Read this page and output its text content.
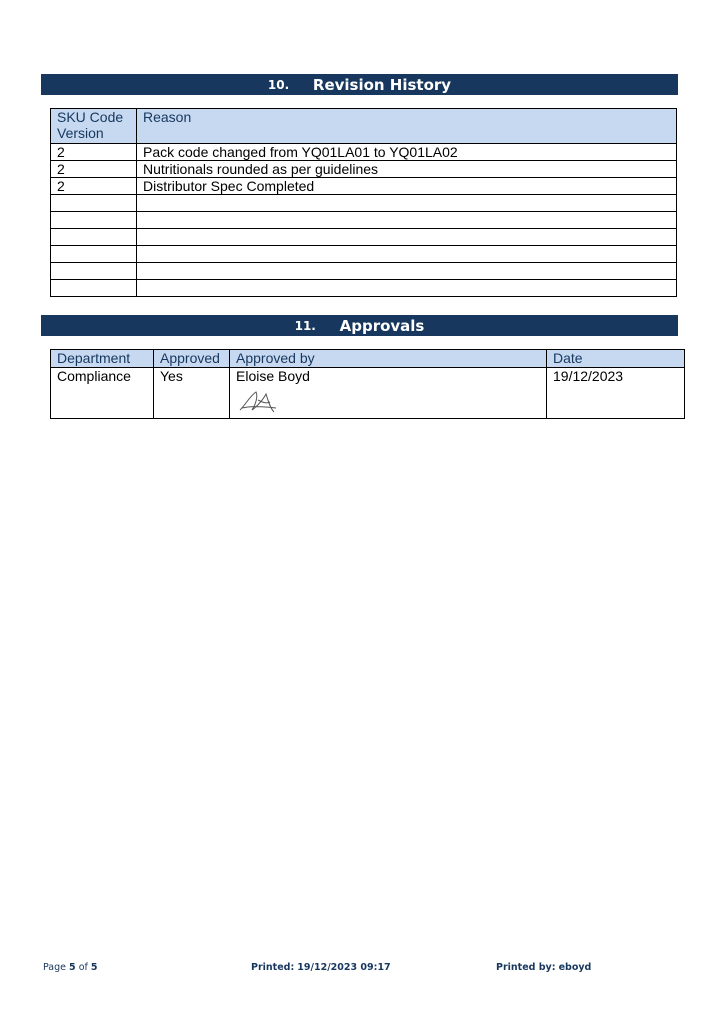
10.	Revision History
SKU Code Version	Reason
2	Pack code changed from YQ01LA01 to YQ01LA02
2	Nutritionals rounded as per guidelines
2	Distributor Spec Completed

11.	Approvals
Department	Approved	Approved by	Date
Compliance	Yes	Eloise Boyd	19/12/2023
Page 5 of 5	Printed: 19/12/2023 09:17	Printed by: eboyd
